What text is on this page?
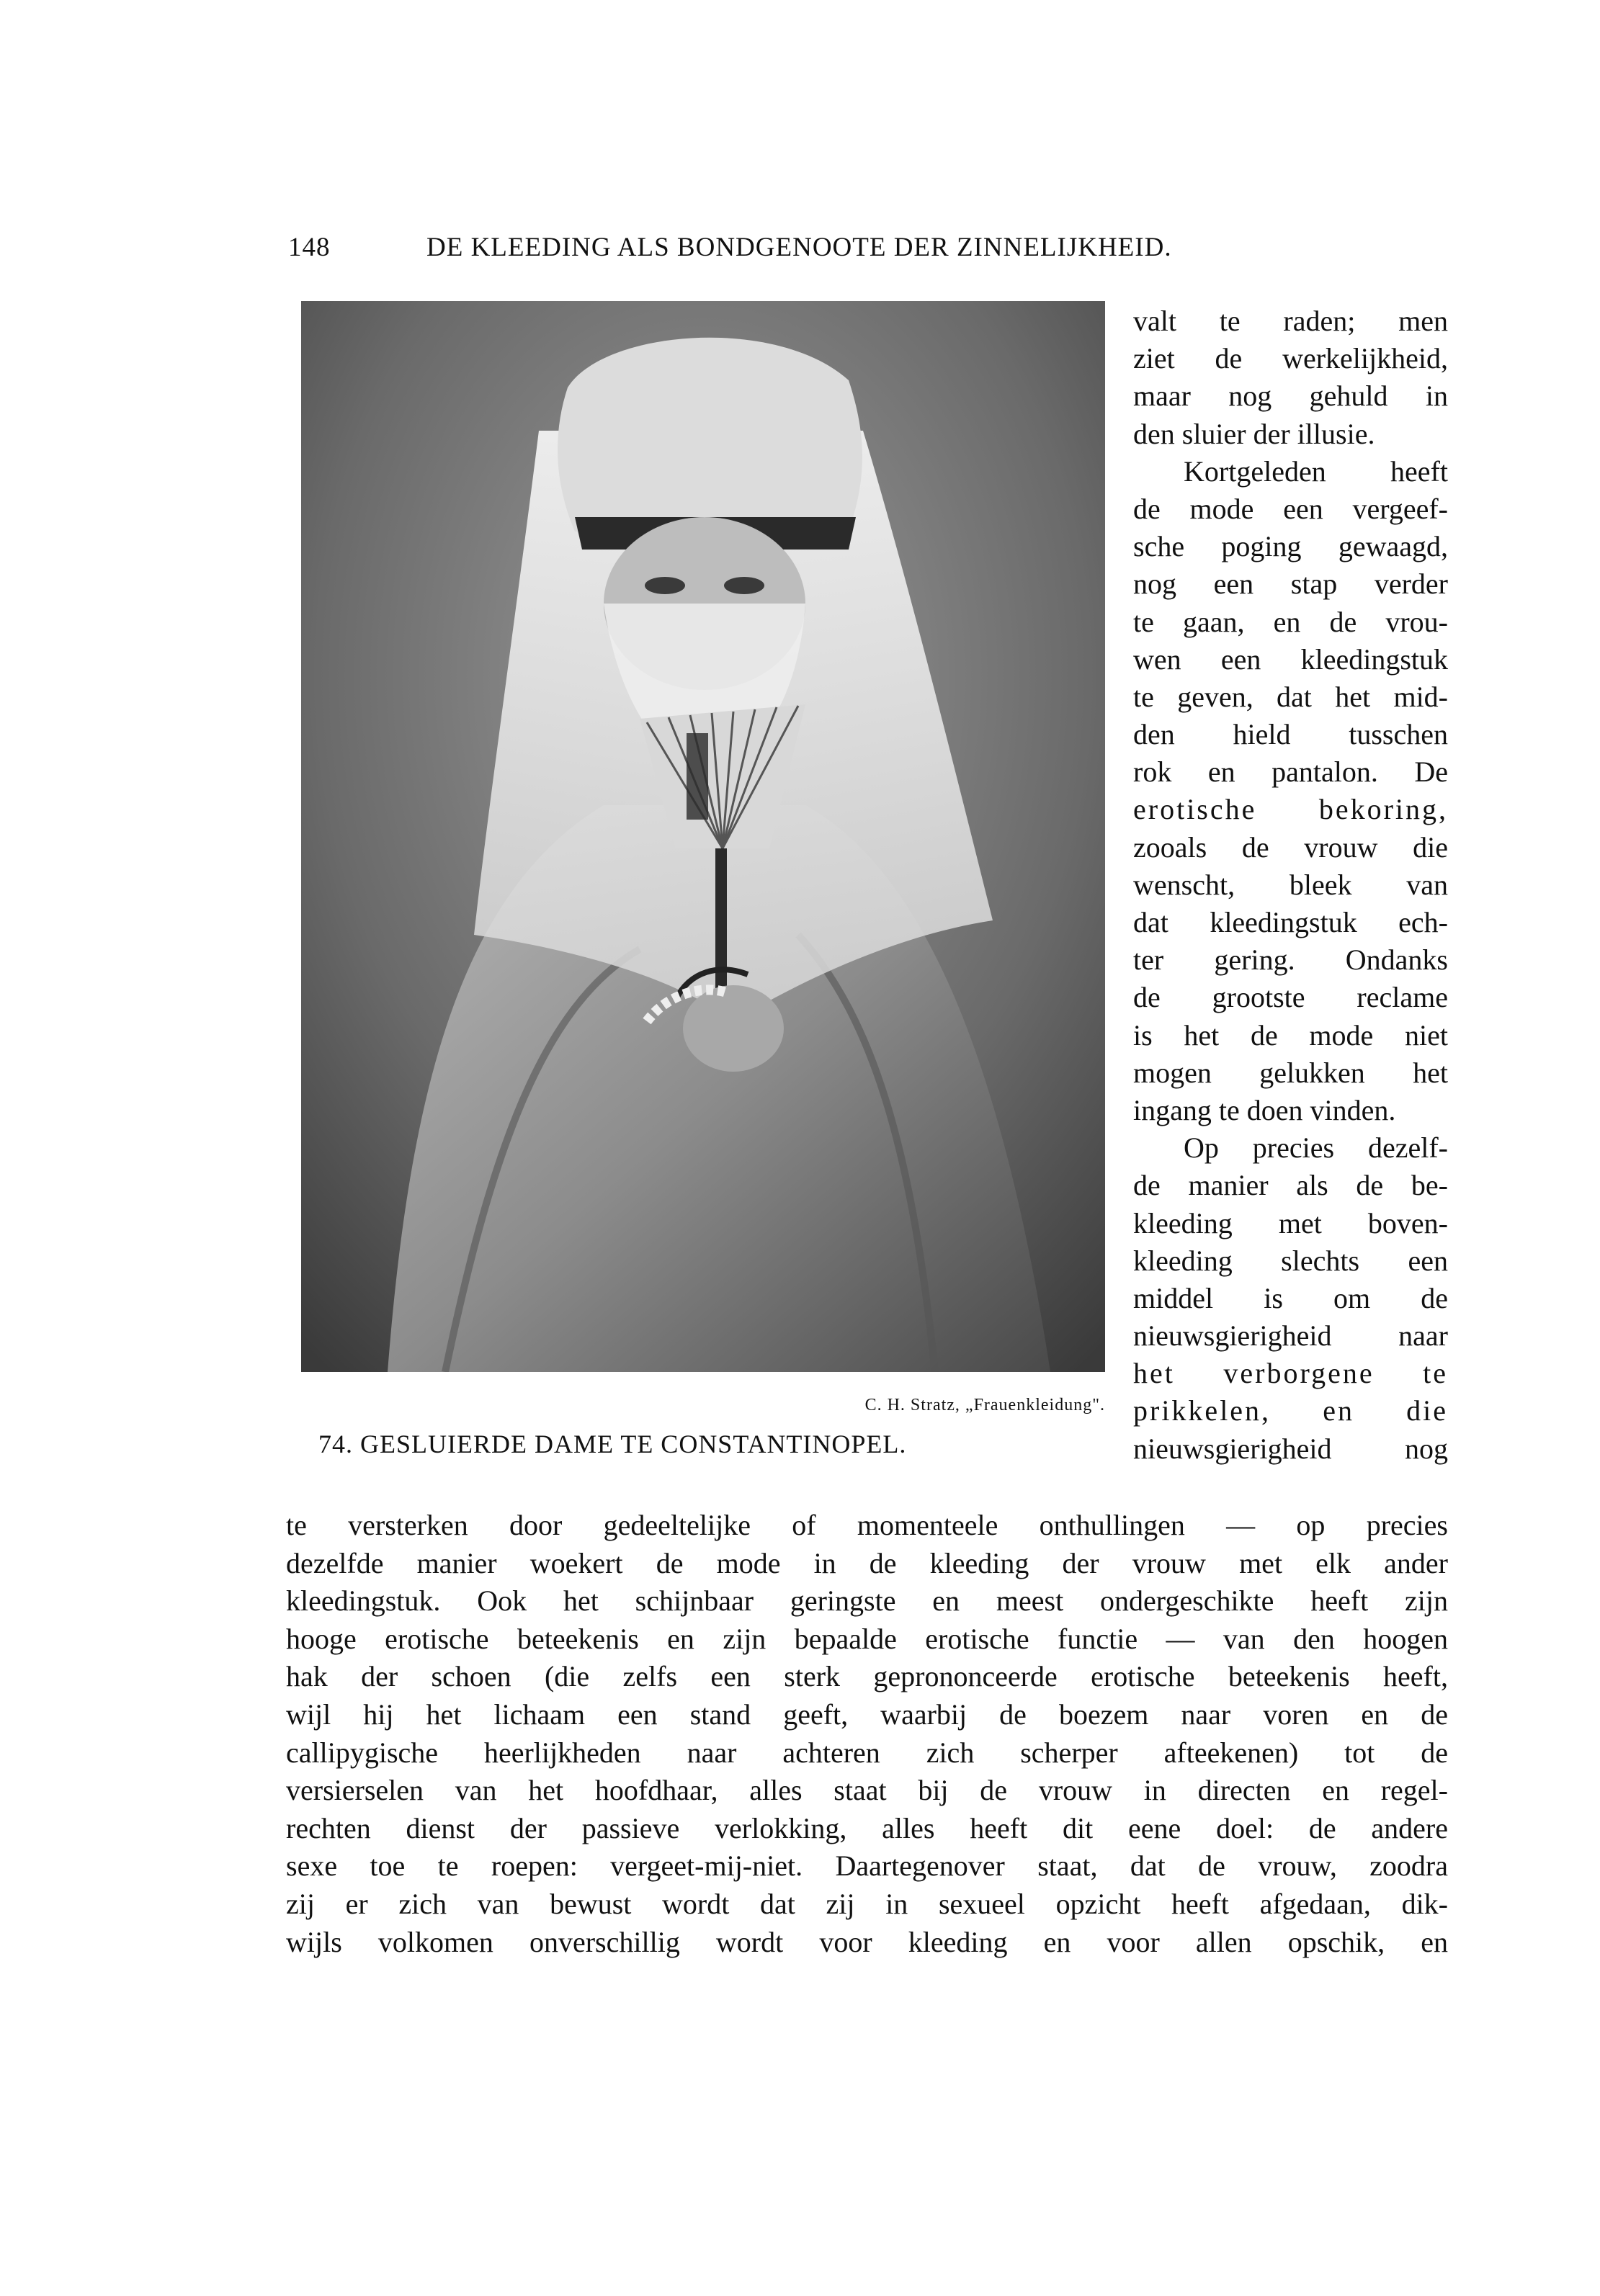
148	DE KLEEDING ALS BONDGENOOTE DER ZINNELIJKHEID.
C. H. Stratz, „Frauenkleidung".
74. GESLUIERDE DAME TE CONSTANTINOPEL.
valt te raden; men
ziet de werkelijkheid,
maar nog gehuld in
den sluier der illusie.
Kortgeleden heeft
de mode een vergeef-
sche poging gewaagd,
nog een stap verder
te gaan, en de vrou-
wen een kleedingstuk
te geven, dat het mid-
den hield tusschen
rok en pantalon. De
erotische bekoring,
zooals de vrouw die
wenscht, bleek van
dat kleedingstuk ech-
ter gering. Ondanks
de grootste reclame
is het de mode niet
mogen gelukken het
ingang te doen vinden.
Op precies dezelf-
de manier als de be-
kleeding met boven-
kleeding slechts een
middel is om de
nieuwsgierigheid naar
het verborgene te
prikkelen, en die
nieuwsgierigheid nog
te versterken door gedeeltelijke of momenteele onthullingen — op precies
dezelfde manier woekert de mode in de kleeding der vrouw met elk ander
kleedingstuk. Ook het schijnbaar geringste en meest ondergeschikte heeft zijn
hooge erotische beteekenis en zijn bepaalde erotische functie — van den hoogen
hak der schoen (die zelfs een sterk geprononceerde erotische beteekenis heeft,
wijl hij het lichaam een stand geeft, waarbij de boezem naar voren en de
callipygische heerlijkheden naar achteren zich scherper afteekenen) tot de
versierselen van het hoofdhaar, alles staat bij de vrouw in directen en regel-
rechten dienst der passieve verlokking, alles heeft dit eene doel: de andere
sexe toe te roepen: vergeet-mij-niet. Daartegenover staat, dat de vrouw, zoodra
zij er zich van bewust wordt dat zij in sexueel opzicht heeft afgedaan, dik-
wijls volkomen onverschillig wordt voor kleeding en voor allen opschik, en
